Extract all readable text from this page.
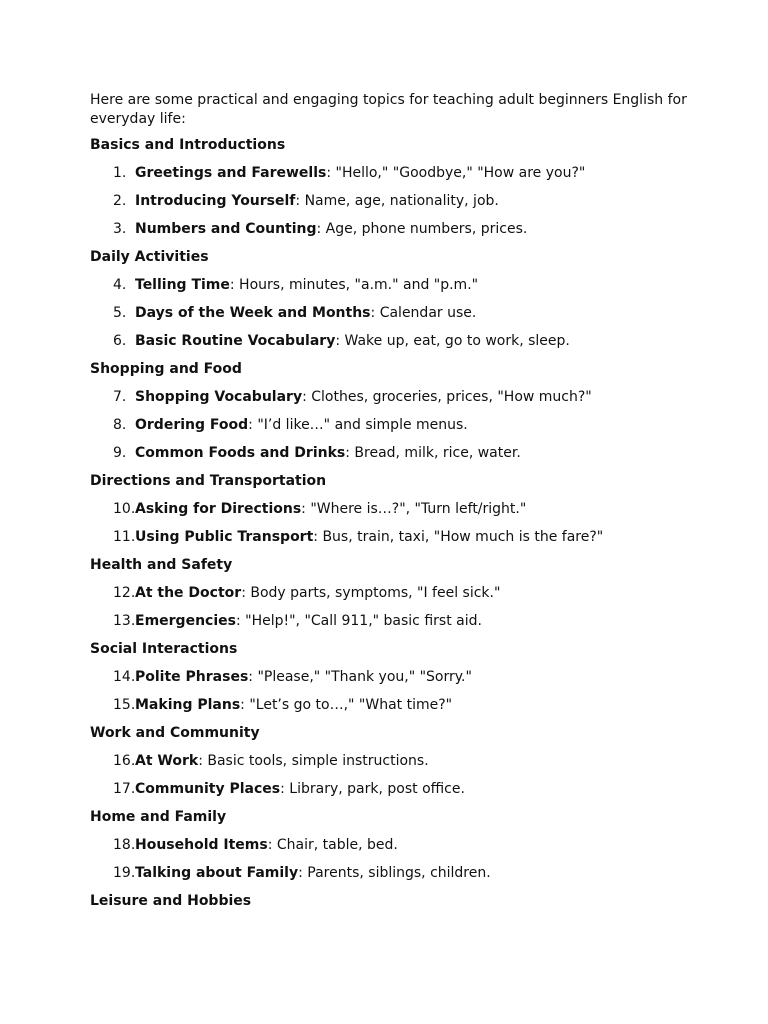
Here are some practical and engaging topics for teaching adult beginners English for everyday life:

Basics and Introductions
1. Greetings and Farewells: "Hello," "Goodbye," "How are you?"
2. Introducing Yourself: Name, age, nationality, job.
3. Numbers and Counting: Age, phone numbers, prices.
Daily Activities
4. Telling Time: Hours, minutes, "a.m." and "p.m."
5. Days of the Week and Months: Calendar use.
6. Basic Routine Vocabulary: Wake up, eat, go to work, sleep.
Shopping and Food
7. Shopping Vocabulary: Clothes, groceries, prices, "How much?"
8. Ordering Food: "I’d like…" and simple menus.
9. Common Foods and Drinks: Bread, milk, rice, water.
Directions and Transportation
10. Asking for Directions: "Where is…?", "Turn left/right."
11. Using Public Transport: Bus, train, taxi, "How much is the fare?"
Health and Safety
12. At the Doctor: Body parts, symptoms, "I feel sick."
13. Emergencies: "Help!", "Call 911," basic first aid.
Social Interactions
14. Polite Phrases: "Please," "Thank you," "Sorry."
15. Making Plans: "Let’s go to…," "What time?"
Work and Community
16. At Work: Basic tools, simple instructions.
17. Community Places: Library, park, post office.
Home and Family
18. Household Items: Chair, table, bed.
19. Talking about Family: Parents, siblings, children.
Leisure and Hobbies
